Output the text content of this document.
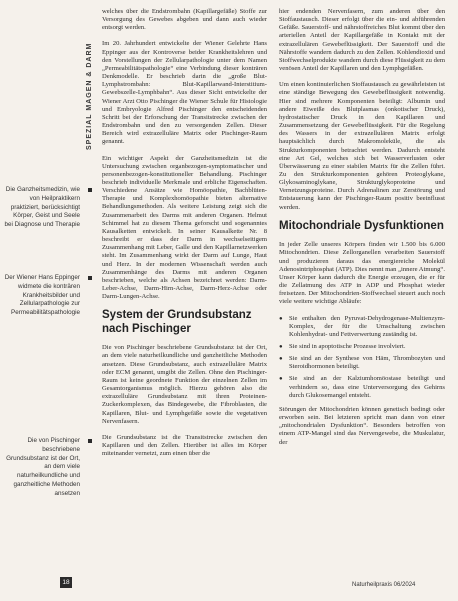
SPEZIAL MAGEN & DARM
Die Ganzheitsmedizin, wie von Heilpraktikern praktiziert, berücksichtigt Körper, Geist und Seele bei Diagnose und Therapie
Der Wiener Hans Eppinger widmete die konträren Krankheitsbilder und Zellularpathologie zur Permeabilitätspathologie
Die von Pischinger beschriebene Grundsubstanz ist der Ort, an dem viele naturheilkundliche und ganzheitliche Methoden ansetzen

welches über die Endstrombahn (Kapillargefäße) Stoffe zur Versorgung des Gewebes abgeben und dann auch wieder entsorgt werden.

Im 20. Jahrhundert entwickelte der Wiener Gelehrte Hans Eppinger aus der Kontroverse beider Krankheitslehren und den Vorstellungen der Zellularpathologie unter dem Namen „Permeabilitätspathologie“ eine Verbindung dieser konträren Denkmodelle. Er beschrieb darin die „große Blut-Lymphstrombahn: Blut-Kapillarwand-Interstitium-Gewebszelle-Lymphbahn“. Aus dieser Sicht entwickelte der Wiener Arzt Otto Pischinger die Wiener Schule für Histologie und Embryologie Alfred Pischinger den entscheidenden Schritt bei der Erforschung der Transitstrecke zwischen der Endstrombahn und den zu versorgenden Zellen. Dieser Bereich wird extrazelluläre Matrix oder Pischinger-Raum genannt.

Ein wichtiger Aspekt der Ganzheitsmedizin ist die Untersuchung zwischen organbezogen-symptomatischer und personenbezogen-konstitutioneller Behandlung. Pischinger beschrieb individuelle Merkmale und erbliche Eigenschaften. Verschiedene Ansätze wie Homöopathie, Bachblüten-Therapie und Komplexhomöopathie bieten alternative Behandlungsmethoden. Als weitere Leistung zeigt sich die Zusammenarbeit des Darms mit anderen Organen. Helmut Schimmel hat zu diesem Thema geforscht und sogenanntes Kausalketten entwickelt. In seiner Kausalkette Nr. 8 beschreibt er dass der Darm in wechselseitigem Zusammenhang mit Leber, Galle und den Kapillarnetzwerken steht. Im Zusammenhang wirkt der Darm auf Lunge, Haut und Herz. In der modernen Wissenschaft werden auch Zusammenhänge des Darms mit anderen Organen beschrieben, welche als Achsen bezeichnet werden: Darm-Leber-Achse, Darm-Hirn-Achse, Darm-Herz-Achse oder Darm-Lungen-Achse.

System der Grundsubstanz nach Pischinger

Die von Pischinger beschriebene Grundsubstanz ist der Ort, an dem viele naturheilkundliche und ganzheitliche Methoden ansetzen. Diese Grundsubstanz, auch extrazelluläre Matrix oder ECM genannt, umgibt die Zellen. Ohne den Pischinger-Raum ist keine geordnete Funktion der einzelnen Zellen im Gesamtorganismus möglich. Hierzu gehören also die extrazelluläre Grundsubstanz mit ihren Proteinen-Zuckerkomplexen, das Bindegewebe, die Fibroblasten, die Kapillaren, Blut- und Lymphgefäße sowie die vegetativen Nervenfasern.

Die Grundsubstanz ist die Transitstrecke zwischen den Kapillaren und den Zellen. Hierüber ist alles im Körper miteinander vernetzt, zum einen über die

hier endenden Nervenfasern, zum anderen über den Stoffaustausch. Dieser erfolgt über die ein- und abführenden Gefäße. Sauerstoff- und nährstoffreiches Blut kommt über den arteriellen Anteil der Kapillargefäße in Kontakt mit der extrazellulären Gewebeflüssigkeit. Der Sauerstoff und die Nährstoffe wandern dadurch zu den Zellen. Kohlendioxid und Stoffwechselprodukte wandern durch diese Flüssigkeit zu dem venösen Anteil der Kapillaren und den Lymphgefäßen.

Um einen kontinuierlichen Stoffaustausch zu gewährleisten ist eine ständige Bewegung des Gewebeflüssigkeit notwendig. Hier sind mehrere Komponenten beteiligt: Albumin und andere Eiweiße des Blutplasmas (onkotischer Druck), hydrostatischer Druck in den Kapillaren und Zusammensetzung der Gewebeflüssigkeit. Für die Regelung des Wassers in der extrazellulären Matrix erfolgt hauptsächlich durch Makromoleküle, die als Strukturkomponenten betrachtet werden. Dadurch entsteht eine Art Gel, welches sich bei Wasserverlusten oder Überwässerung zu einer stabilen Matrix für die Zellen führt. Zu den Strukturkomponenten gehören Proteoglykane, Glykosaminoglykane, Strukturglykoproteine und Vernetzungsproteine. Durch Adrenalinen zur Zerstörung und Entstauerung kann der Pischinger-Raum positiv beeinflusst werden.

Mitochondriale Dysfunktionen

In jeder Zelle unseres Körpers finden wir 1.500 bis 6.000 Mitochondrien. Diese Zellorganellen verarbeiten Sauerstoff und produzieren daraus das energiereiche Molekül Adenosintriphosphat (ATP). Dies nennt man „innere Atmung“. Unser Körper kann dadurch die Energie erzeugen, die er für die Zellatmung des ATP in ADP und Phosphat wieder freisetzen. Der Mitochondrien-Stoffwechsel steuert auch noch viele weitere wichtige Abläufe:

● Sie enthalten den Pyruvat-Dehydrogenase-Multienzym-Komplex, der für die Umschaltung zwischen Kohlenhydrat- und Fettverwertung zuständig ist.
● Sie sind in apoptotische Prozesse involviert.
● Sie sind an der Synthese von Häm, Thrombozyten und Steroidhormonen beteiligt.
● Sie sind an der Kalziumhomöostase beteiligt und verhindern so, dass eine Unterversorgung des Gehirns durch Glukosemangel entsteht.

Störungen der Mitochondrien können genetisch bedingt oder erworben sein. Bei letzteren spricht man dann von einer „mitochondrialen Dysfunktion“. Besonders betroffen von einem ATP-Mangel sind das Nervengewebe, die Muskulatur, der

18	Naturheilpraxis 06/2024
